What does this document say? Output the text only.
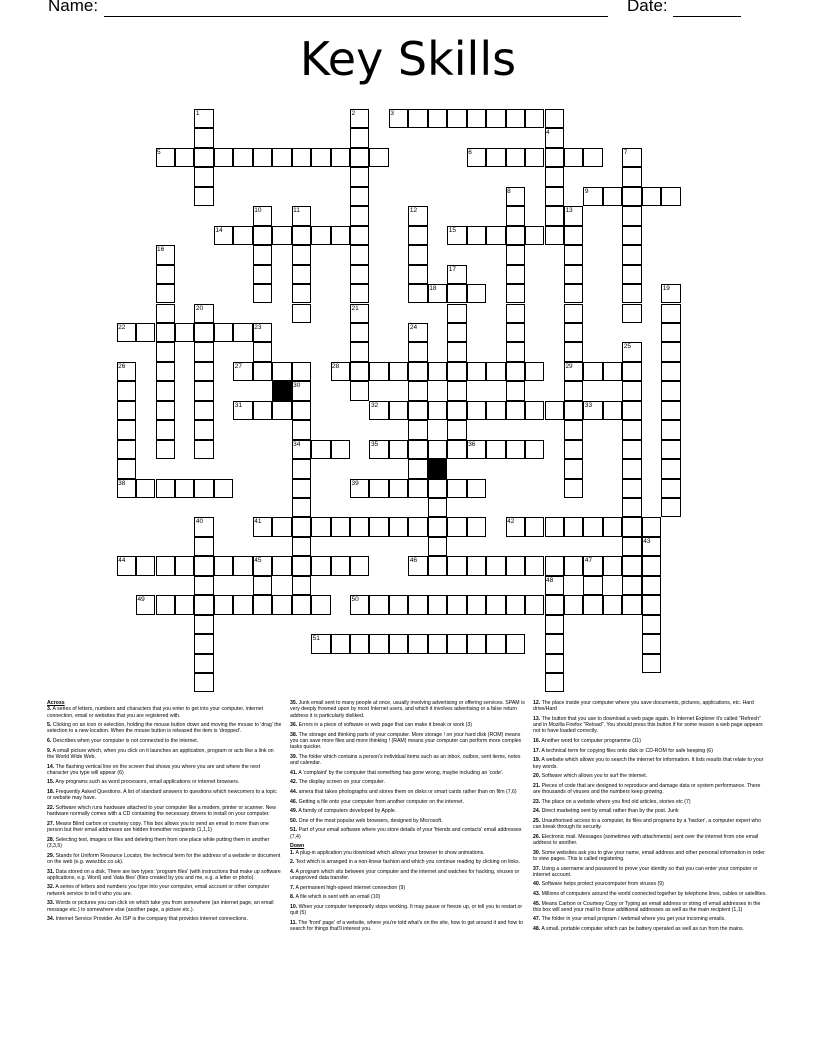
Name:	Date:
Key Skills
1	2	3
4
5	6	7
8	9
10	11	12	13
14	15
16
17
18	19
20	21
22	23	24
25
26	27	28	29
30
31	32	33
34	35	36
37
38	39
40	41	42
43
44	45	46	47
48
49	50
51
Across
3. A series of letters, numbers and characters that you enter to get into your computer, internet connection, email or websites that you are registered with.
5. Clicking on an icon or selection, holding the mouse button down and moving the mouse to 'drag' the selection to a new location. When the mouse button is released the item is 'dropped'.
6. Describes when your computer is not connected to the internet.
9. A small picture which, when you click on it launches an application, program or acts like a link on the World Wide Web.
14. The flashing vertical line on the screen that shows you where you are and where the next character you type will appear (6)
15. Any programs such as word processors, email applications or internet browsers.
18. Frequently Asked Questions. A list of standard answers to questions which newcomers to a topic or website may have.
22. Software which runs hardware attached to your computer like a modem, printer or scanner. New hardware normally comes with a CD containing the necessary drivers to install on your computer.
27. Means Blind carbon or courtesy copy. This box allows you to send an email to more than one person but their email addresses are hidden fromother recipients (1,1,1)
28. Selecting text, images or files and deleting them from one place while putting them in another (3,3,5)
29. Stands for Uniform Resource Locator, the technical term for the address of a website or document on the web (e.g. www.bbc.co.uk).
31. Data stored on a disk. There are two types: 'program files' (with instructions that make up software applications, e.g. Word) and 'data files' (files created by you and me, e.g. a letter or photo).
32. A series of letters and numbers you type into your computer, email account or other computer network service to tell it who you are.
33. Words or pictures you can click on which take you from somewhere (an internet page, an email message etc.) to somewhere else (another page, a picture etc.).
34. Internet Service Provider. An ISP is the company that provides internet connections.
35. Junk email sent to many people at once, usually involving advertising or offering services. SPAM is very deeply frowned upon by most Internet users, and which it involves advertising or a false return address it is particularly disliked.
36. Errors in a piece of software or web page that can make it break or work (3)
38. The storage and thinking parts of your computer. More storage ! on your hard disk (ROM) means you can save more files and more thinking ! (RAM) means your computer can perform more complex tasks quicker.
39. The folder which contains a person's individual items such as an inbox, outbox, sent items, notes and calendar.
41. A 'complaint' by the computer that something has gone wrong, maybe including an 'code'.
42. The display screen on your computer.
44. amera that takes photographs and stores them on disks or smart cards rather than on film (7,6)
46. Getting a file onto your computer from another computer on the internet.
49. A family of computers developed by Apple.
50. One of the most popular web browsers, designed by Microsoft.
51. Part of your email software where you store details of your 'friends and contacts' email addresses (7,4)
Down
1. A plug-in application you download which allows your browser to show animations.
2. Text which is arranged in a non-linear fashion and which you continue reading by clicking on links.
4. A program which sits between your computer and the internet and watches for hacking, viruses or unapproved data transfer.
7. A permanent high-speed internet connection (9)
8. A file which is sent with an email (10)
10. When your computer temporarily stops working. It may pause or freeze up, or tell you to restart or quit (5)
11. The 'front' page' of a website, where you're told what's on the site, how to get around it and how to search for things that'll interest you.
12. The place inside your computer where you save documents, pictures, applications, etc. Hard drive/Hard
13. The button that you use to download a web page again. In Internet Explorer it's called "Refresh" and in Mozilla Firefox "Reload". You should press this button if for some reason a web page appears not to have loaded correctly.
16. Another word for computer programme (11)
17. A technical term for copying files onto disk or CD-ROM for safe keeping (6)
19. A website which allows you to search the internet for information. It lists results that relate to your key words.
20. Software which allows you to surf the internet.
21. Pieces of code that are designed to reproduce and damage data or system performance. There are thousands of viruses and the numbers keep growing.
23. The place on a website where you find old articles, stories etc (7)
24. Direct marketing sent by email rather than by the post. Junk
25. Unauthorised access to a computer, its files and programs by a 'hacker', a computer expert who can break through its security.
26. Electronic mail. Messages (sometimes with attachments) sent over the internet from one email address to another.
30. Some websites ask you to give your name, email address and other personal information in order to view pages. This is called registering.
37. Using a username and password to prove your identity so that you can enter your computer or internet account.
40. Software helps protect yourcomputer from viruses (9)
43. Millions of computers around the world connected together by telephone lines, cables or satellites.
45. Means Carbon or Courtesy Copy or Typing an email address or string of email addresses in the this box will send your mail to those additional addresses as well as the main recipient (1,1)
47. The folder in your email program / webmail where you get your incoming emails.
48. A small, portable computer which can be battery operated as well as run from the mains.
